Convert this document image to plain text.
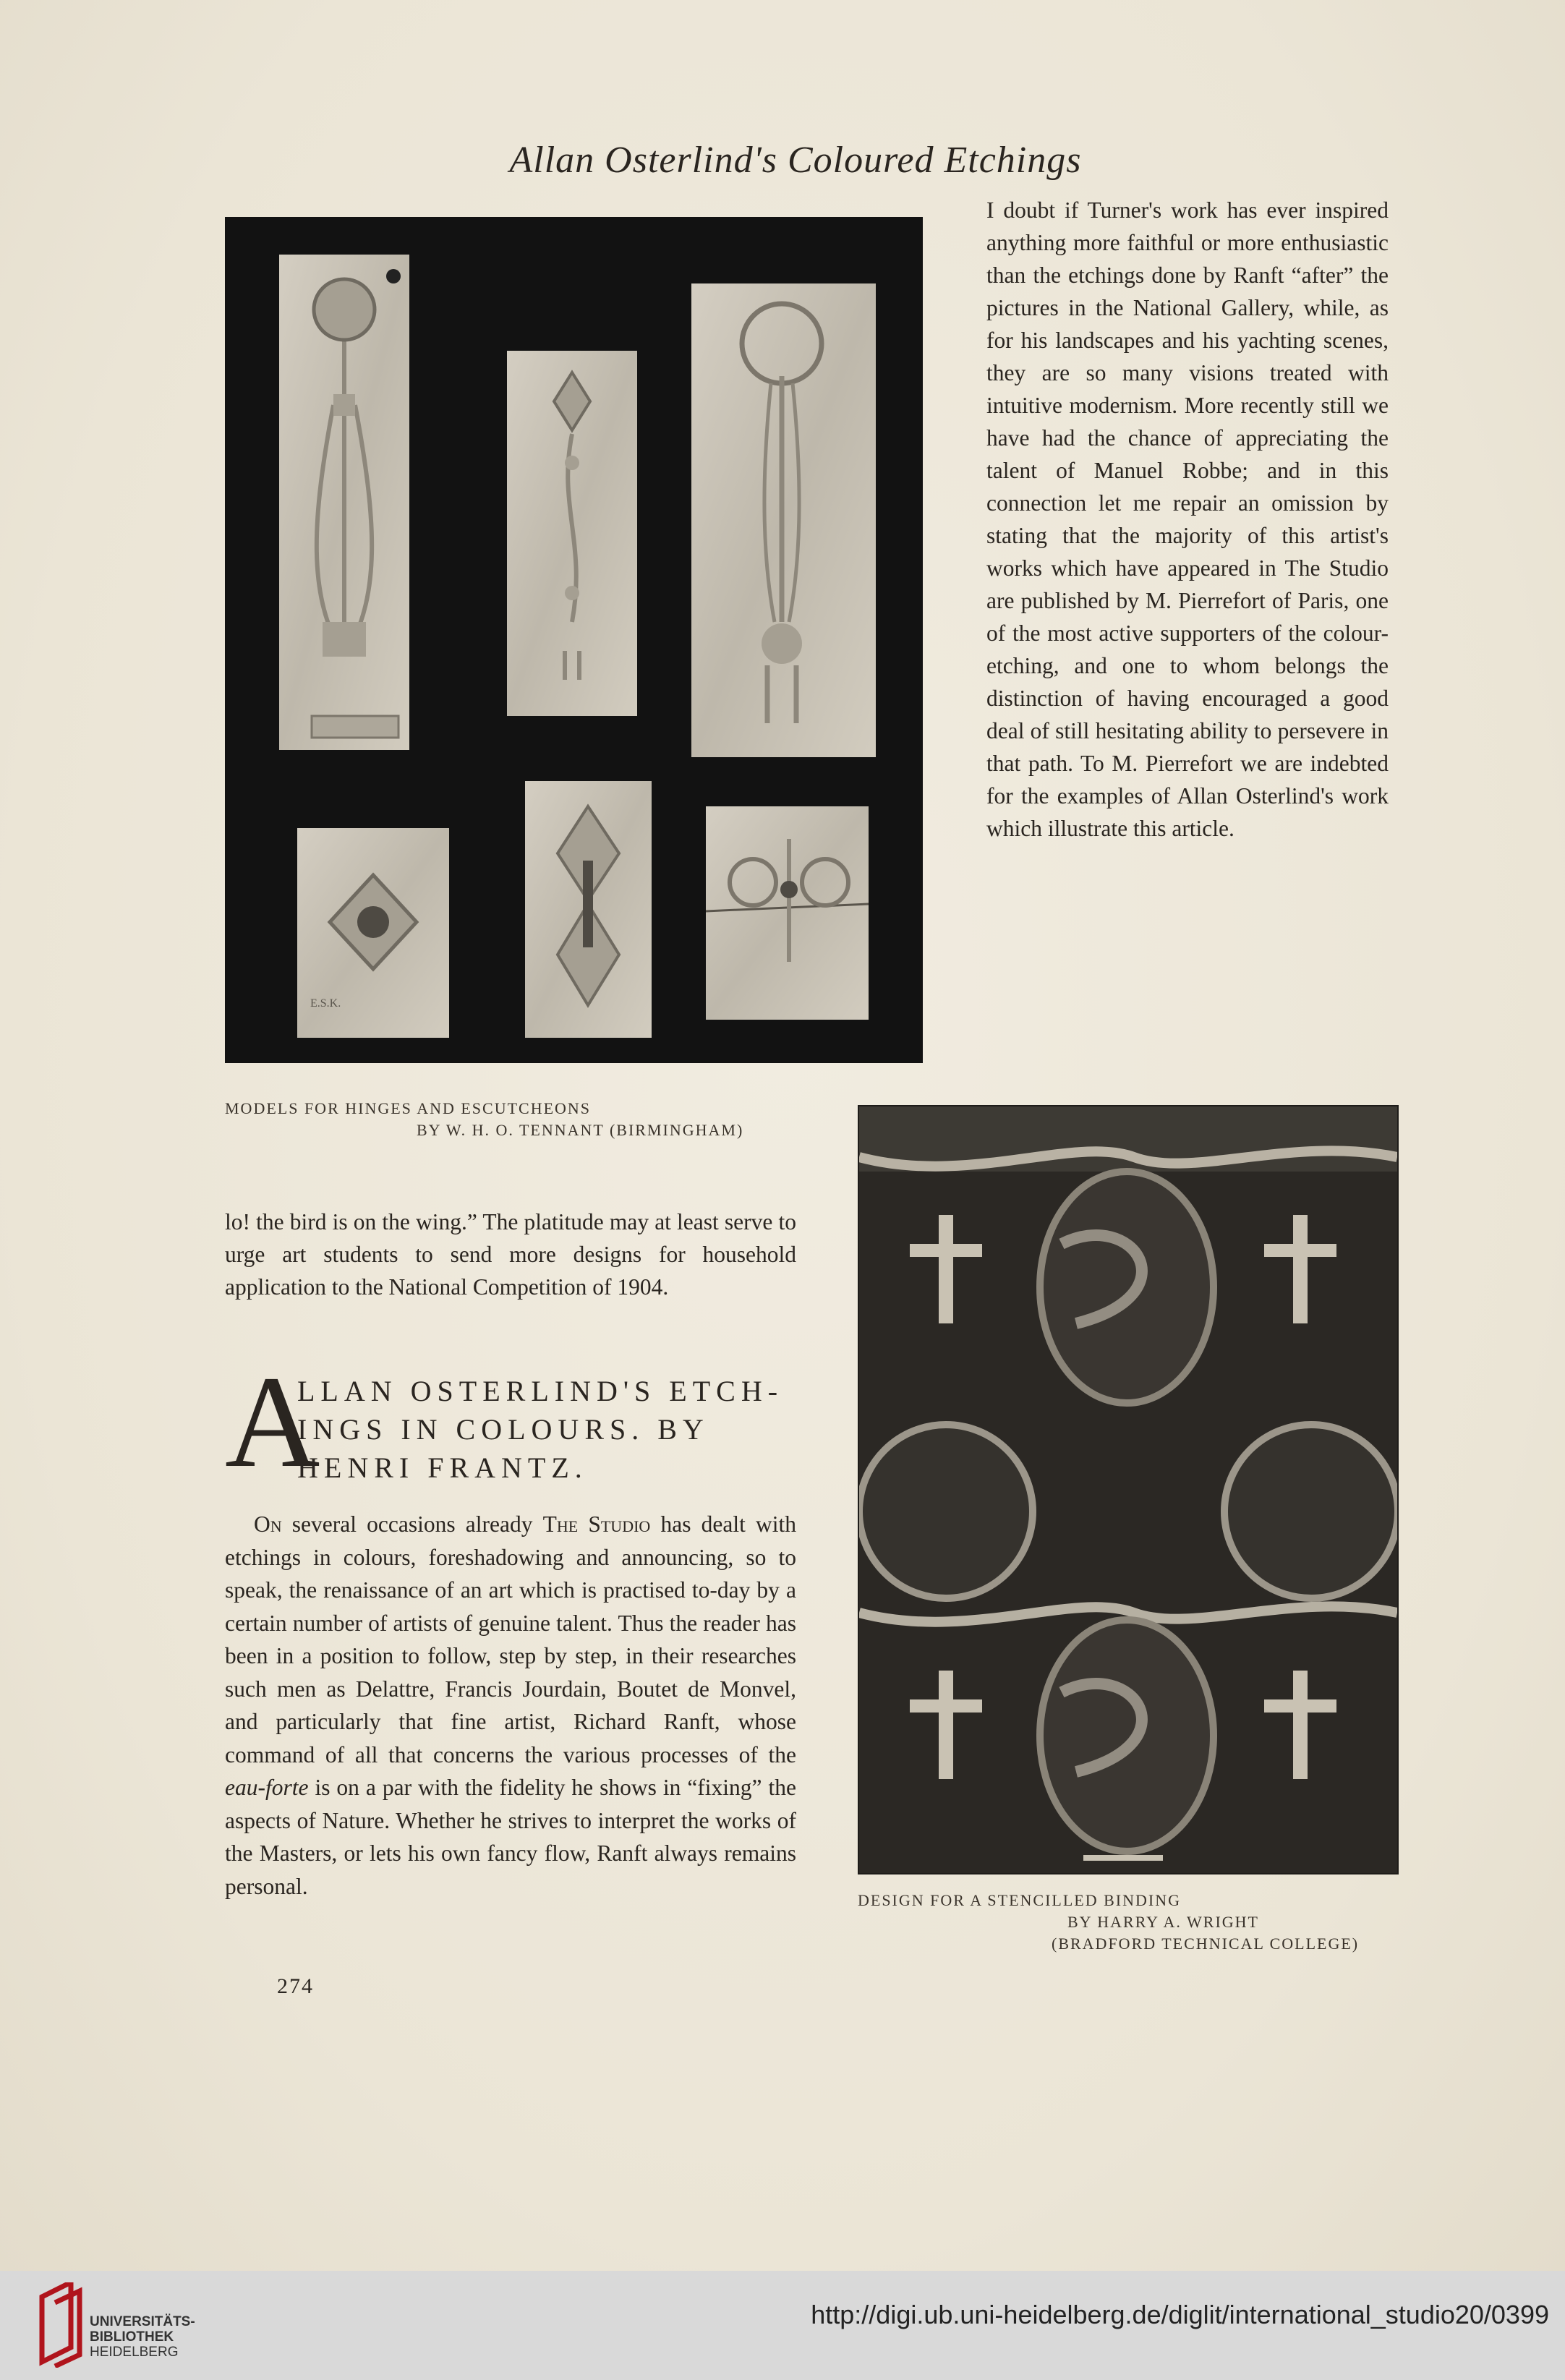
Allan Osterlind's Coloured Etchings
E.S.K.
MODELS FOR HINGES AND ESCUTCHEONS
BY W. H. O. TENNANT (BIRMINGHAM)
I doubt if Turner's work has ever inspired anything more faithful or more enthusiastic than the etchings done by Ranft “after” the pictures in the National Gallery, while, as for his landscapes and his yachting scenes, they are so many visions treated with intuitive modernism. More recently still we have had the chance of appreciating the talent of Manuel Robbe; and in this connection let me repair an omission by stating that the majority of this artist's works which have appeared in The Studio are published by M. Pierrefort of Paris, one of the most active supporters of the colour-etching, and one to whom belongs the distinction of having encouraged a good deal of still hesitating ability to persevere in that path. To M. Pierrefort we are indebted for the examples of Allan Osterlind's work which illustrate this article.
lo! the bird is on the wing.” The platitude may at least serve to urge art students to send more designs for household application to the National Competition of 1904.
A
LLAN OSTERLIND'S ETCH-
INGS IN COLOURS. BY
HENRI FRANTZ.
On several occasions already The Studio has dealt with etchings in colours, foreshadowing and announcing, so to speak, the renaissance of an art which is practised to-day by a certain number of artists of genuine talent. Thus the reader has been in a position to follow, step by step, in their researches such men as Delattre, Francis Jourdain, Boutet de Monvel, and particularly that fine artist, Richard Ranft, whose command of all that concerns the various processes of the eau-forte is on a par with the fidelity he shows in “fixing” the aspects of Nature. Whether he strives to interpret the works of the Masters, or lets his own fancy flow, Ranft always remains personal.
274
DESIGN FOR A STENCILLED BINDING
BY HARRY A. WRIGHT
(BRADFORD TECHNICAL COLLEGE)
UNIVERSITÄTS-
BIBLIOTHEK
HEIDELBERG
http://digi.ub.uni-heidelberg.de/diglit/international_studio20/0399
